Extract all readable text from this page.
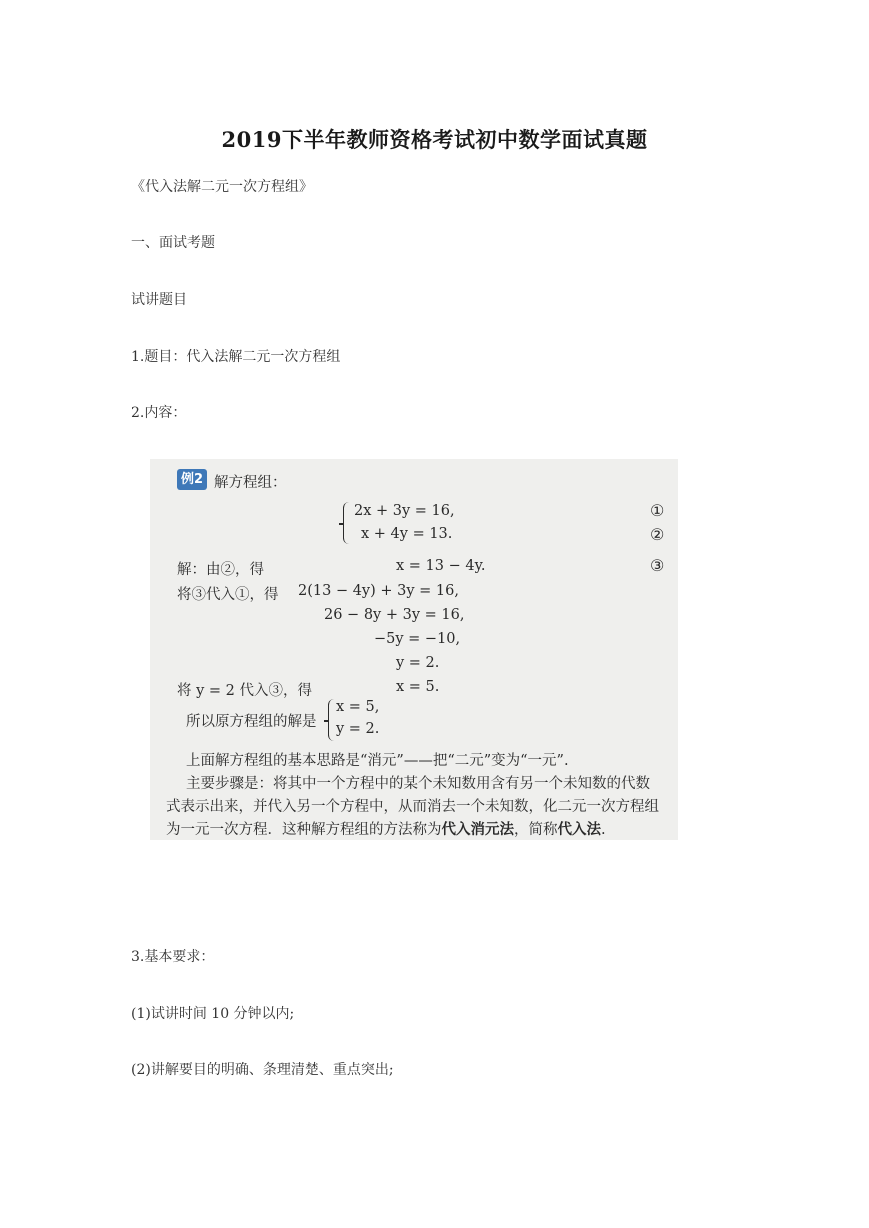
2019下半年教师资格考试初中数学面试真题

《代入法解二元一次方程组》

一、面试考题

试讲题目

1.题目：代入法解二元一次方程组

2.内容：

例2 解方程组：
2x + 3y = 16,
x + 4y = 13.
①
②
解：由②，得	x = 13 − 4y.	③
将③代入①，得 2(13 − 4y) + 3y = 16,
26 − 8y + 3y = 16,
−5y = −10,
y = 2.
将 y = 2 代入③，得	x = 5.
所以原方程组的解是
x = 5,
y = 2.
上面解方程组的基本思路是“消元”——把“二元”变为“一元”.
主要步骤是：将其中一个方程中的某个未知数用含有另一个未知数的代数
式表示出来，并代入另一个方程中，从而消去一个未知数，化二元一次方程组
为一元一次方程．这种解方程组的方法称为代入消元法，简称代入法.

3.基本要求：

(1)试讲时间 10 分钟以内;

(2)讲解要目的明确、条理清楚、重点突出;
